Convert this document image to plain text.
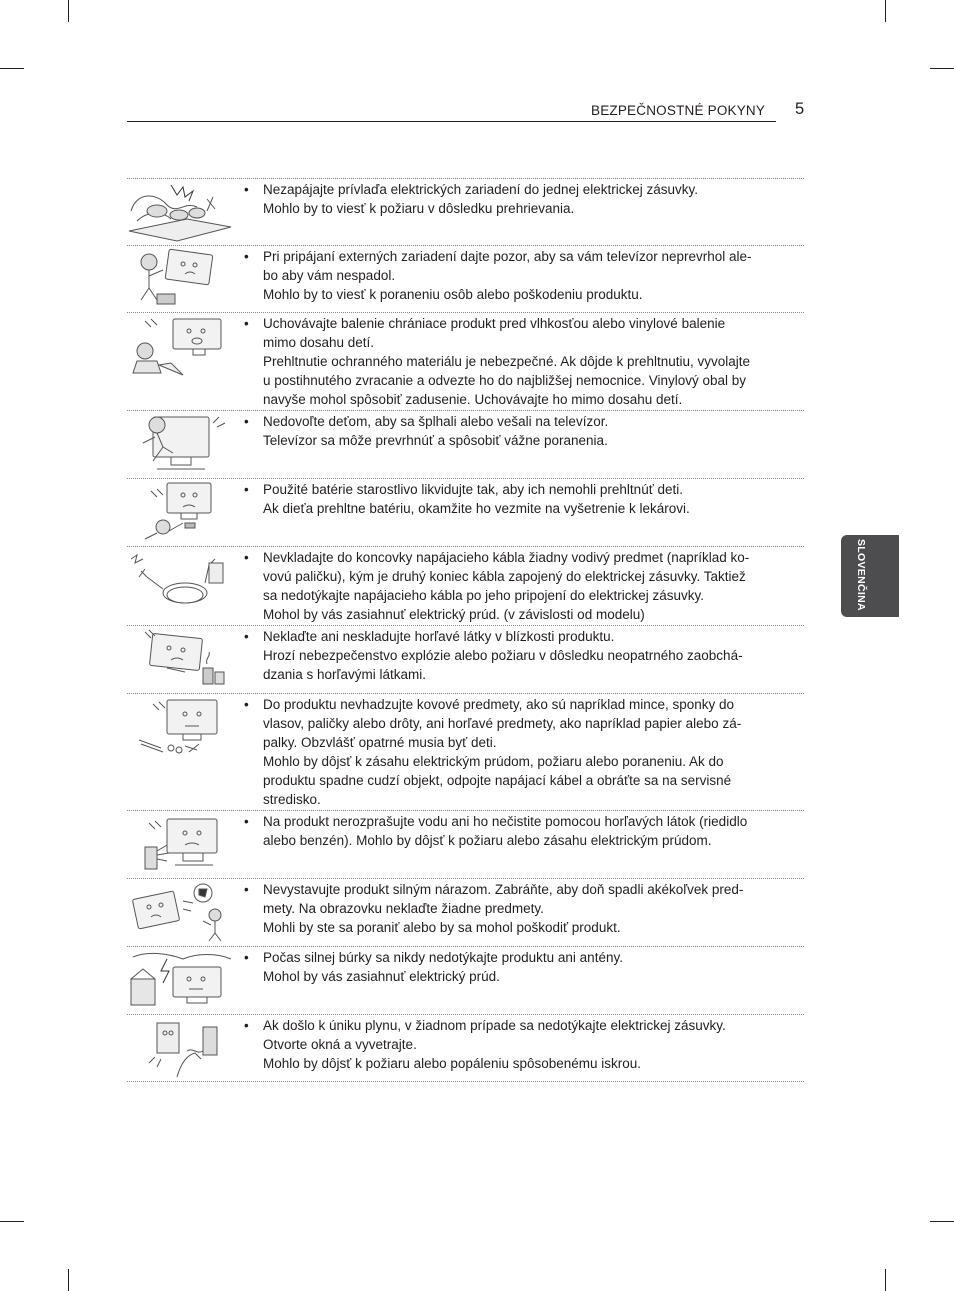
BEZPEČNOSTNÉ POKYNY 5
SLOVENČINA
• Nezapájajte prívlaďa elektrických zariadení do jednej elektrickej zásuvky.

Mohlo by to viesť k požiaru v dôsledku prehrievania.

• Pri pripájaní externých zariadení dajte pozor, aby sa vám televízor neprevrhol ale-

bo aby vám nespadol.

Mohlo by to viesť k poraneniu osôb alebo poškodeniu produktu.

• Uchovávajte balenie chrániace produkt pred vlhkosťou alebo vinylové balenie

mimo dosahu detí.

Prehltnutie ochranného materiálu je nebezpečné. Ak dôjde k prehltnutiu, vyvolajte

u postihnutého zvracanie a odvezte ho do najbližšej nemocnice. Vinylový obal by

navyše mohol spôsobiť zadusenie. Uchovávajte ho mimo dosahu detí.

• Nedovoľte deťom, aby sa šplhali alebo vešali na televízor.

Televízor sa môže prevrhnúť a spôsobiť vážne poranenia.

• Použité batérie starostlivo likvidujte tak, aby ich nemohli prehltnúť deti.

Ak dieťa prehltne batériu, okamžite ho vezmite na vyšetrenie k lekárovi.

• Nevkladajte do koncovky napájacieho kábla žiadny vodivý predmet (napríklad ko-

vovú paličku), kým je druhý koniec kábla zapojený do elektrickej zásuvky. Taktiež

sa nedotýkajte napájacieho kábla po jeho pripojení do elektrickej zásuvky.

Mohol by vás zasiahnuť elektrický prúd. (v závislosti od modelu)

• Neklaďte ani neskladujte horľavé látky v blízkosti produktu.

Hrozí nebezpečenstvo explózie alebo požiaru v dôsledku neopatrného zaobchá-

dzania s horľavými látkami.

• Do produktu nevhadzujte kovové predmety, ako sú napríklad mince, sponky do

vlasov, paličky alebo drôty, ani horľavé predmety, ako napríklad papier alebo zá-

palky. Obzvlášť opatrné musia byť deti.

Mohlo by dôjsť k zásahu elektrickým prúdom, požiaru alebo poraneniu. Ak do

produktu spadne cudzí objekt, odpojte napájací kábel a obráťte sa na servisné

stredisko.

• Na produkt nerozprašujte vodu ani ho nečistite pomocou horľavých látok (riedidlo

alebo benzén). Mohlo by dôjsť k požiaru alebo zásahu elektrickým prúdom.

• Nevystavujte produkt silným nárazom. Zabráňte, aby doň spadli akékoľvek pred-

mety. Na obrazovku neklaďte žiadne predmety.

Mohli by ste sa poraniť alebo by sa mohol poškodiť produkt.

• Počas silnej búrky sa nikdy nedotýkajte produktu ani antény.

Mohol by vás zasiahnuť elektrický prúd.

• Ak došlo k úniku plynu, v žiadnom prípade sa nedotýkajte elektrickej zásuvky.

Otvorte okná a vyvetrajte.

Mohlo by dôjsť k požiaru alebo popáleniu spôsobenému iskrou.
